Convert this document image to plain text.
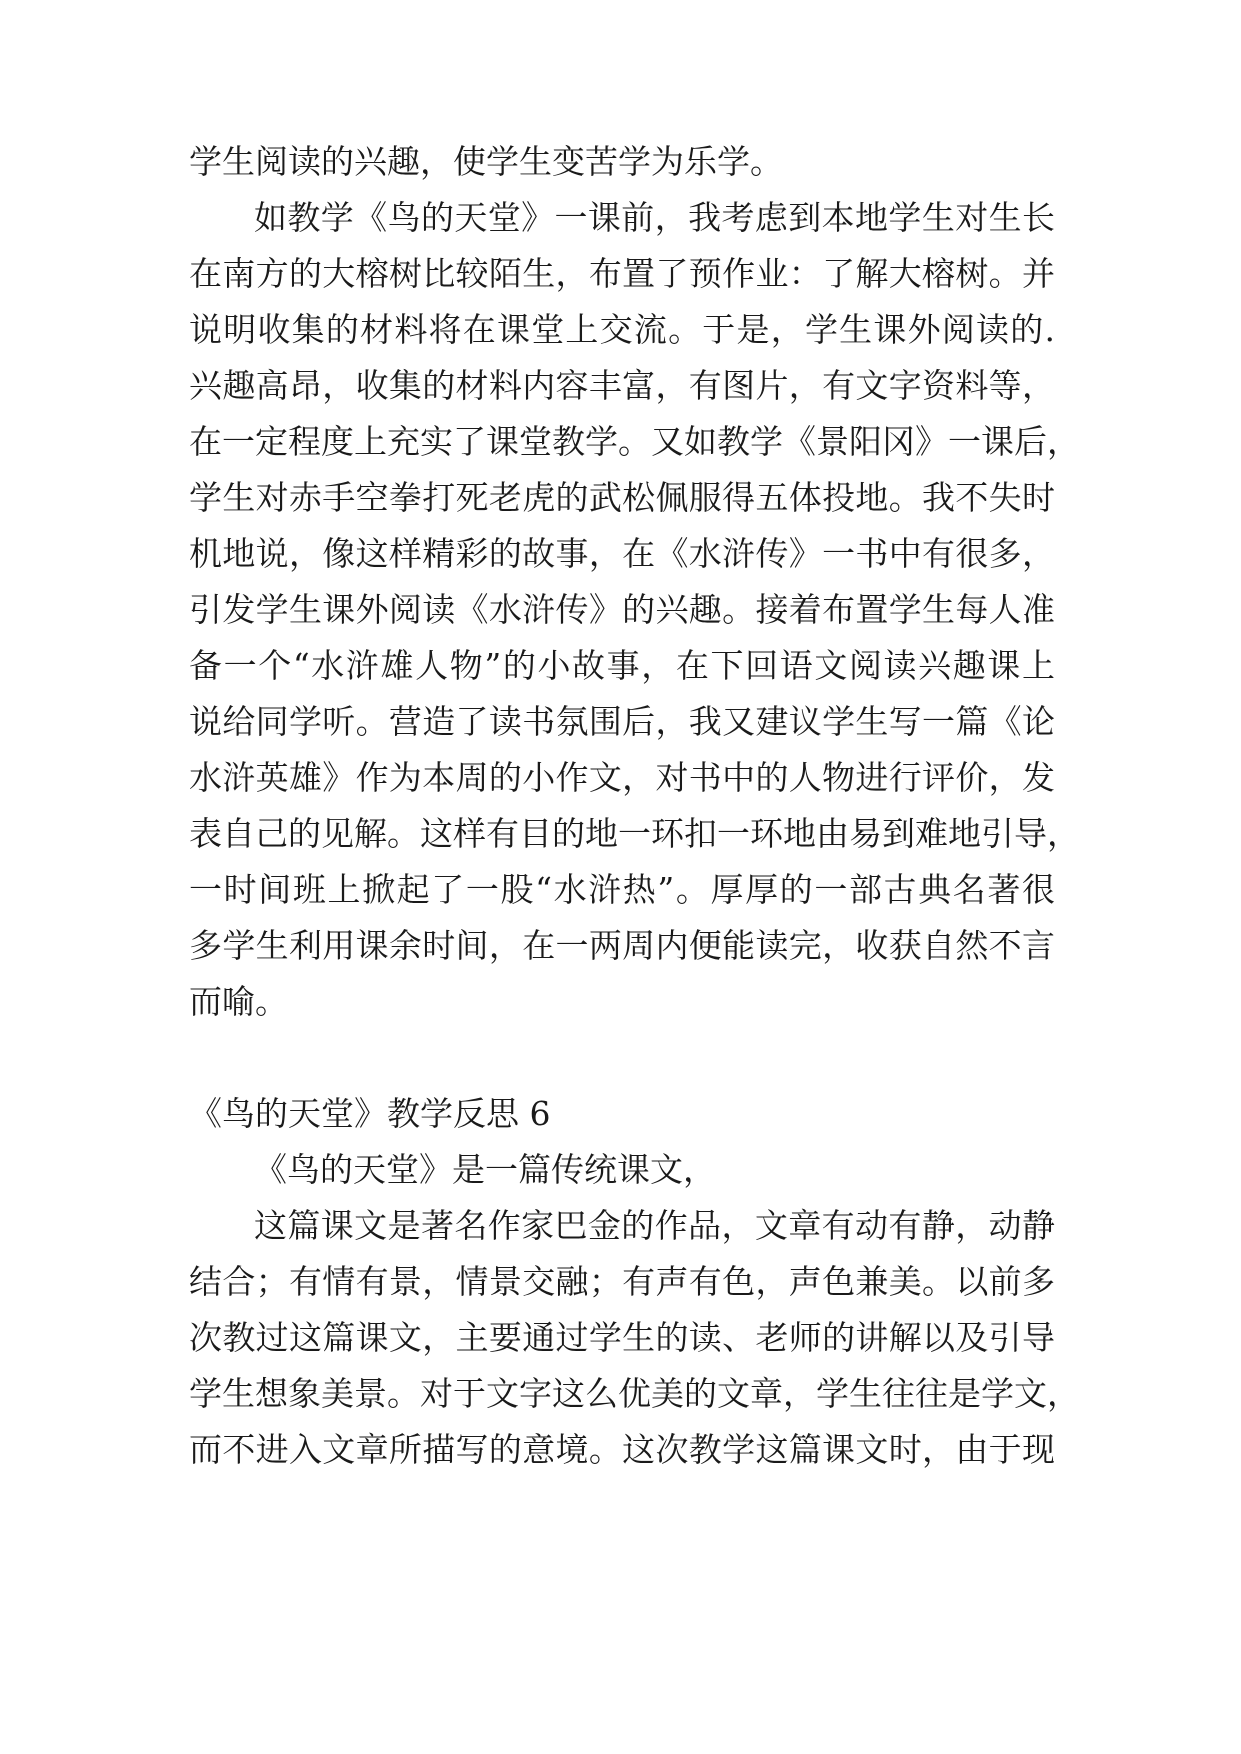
学生阅读的兴趣，使学生变苦学为乐学。
如教学《鸟的天堂》一课前，我考虑到本地学生对生长
在南方的大榕树比较陌生，布置了预作业：了解大榕树。并
说明收集的材料将在课堂上交流。于是，学生课外阅读的.
兴趣高昂，收集的材料内容丰富，有图片，有文字资料等，
在一定程度上充实了课堂教学。又如教学《景阳冈》一课后，
学生对赤手空拳打死老虎的武松佩服得五体投地。我不失时
机地说，像这样精彩的故事，在《水浒传》一书中有很多，
引发学生课外阅读《水浒传》的兴趣。接着布置学生每人准
备一个“水浒雄人物”的小故事，在下回语文阅读兴趣课上
说给同学听。营造了读书氛围后，我又建议学生写一篇《论
水浒英雄》作为本周的小作文，对书中的人物进行评价，发
表自己的见解。这样有目的地一环扣一环地由易到难地引导，
一时间班上掀起了一股“水浒热”。厚厚的一部古典名著很
多学生利用课余时间，在一两周内便能读完，收获自然不言
而喻。
《鸟的天堂》教学反思 6
《鸟的天堂》是一篇传统课文，
这篇课文是著名作家巴金的作品，文章有动有静，动静
结合；有情有景，情景交融；有声有色，声色兼美。以前多
次教过这篇课文，主要通过学生的读、老师的讲解以及引导
学生想象美景。对于文字这么优美的文章，学生往往是学文，
而不进入文章所描写的意境。这次教学这篇课文时，由于现
